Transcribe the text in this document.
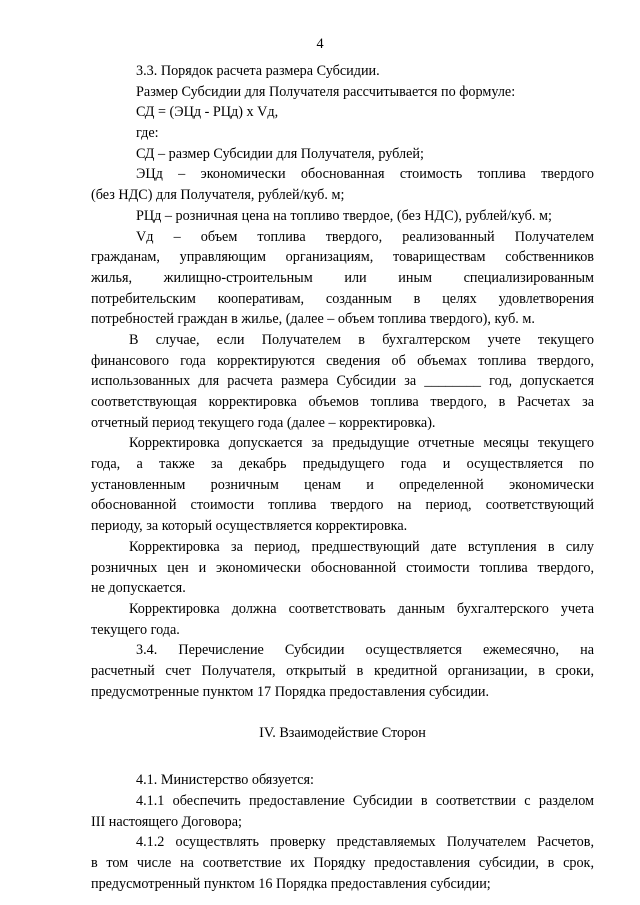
4
3.3. Порядок расчета размера Субсидии.
Размер Субсидии для Получателя рассчитывается по формуле:
СД = (ЭЦд - РЦд) х Vд,
где:
СД – размер Субсидии для Получателя, рублей;
ЭЦд – экономически обоснованная стоимость топлива твердого
(без НДС) для Получателя, рублей/куб. м;
РЦд – розничная цена на топливо твердое, (без НДС), рублей/куб. м;
Vд – объем топлива твердого, реализованный Получателем
гражданам, управляющим организациям, товариществам собственников
жилья, жилищно-строительным или иным специализированным
потребительским кооперативам, созданным в целях удовлетворения
потребностей граждан в жилье, (далее – объем топлива твердого), куб. м.
В случае, если Получателем в бухгалтерском учете текущего
финансового года корректируются сведения об объемах топлива твердого,
использованных для расчета размера Субсидии за ________ год, допускается
соответствующая корректировка объемов топлива твердого, в Расчетах за
отчетный период текущего года (далее – корректировка).
Корректировка допускается за предыдущие отчетные месяцы текущего
года, а также за декабрь предыдущего года и осуществляется по
установленным розничным ценам и определенной экономически
обоснованной стоимости топлива твердого на период, соответствующий
периоду, за который осуществляется корректировка.
Корректировка за период, предшествующий дате вступления в силу
розничных цен и экономически обоснованной стоимости топлива твердого,
не допускается.
Корректировка должна соответствовать данным бухгалтерского учета
текущего года.
3.4. Перечисление Субсидии осуществляется ежемесячно, на
расчетный счет Получателя, открытый в кредитной организации, в сроки,
предусмотренные пунктом 17 Порядка предоставления субсидии.
IV. Взаимодействие Сторон
4.1. Министерство обязуется:
4.1.1 обеспечить предоставление Субсидии в соответствии с разделом
III настоящего Договора;
4.1.2 осуществлять проверку представляемых Получателем Расчетов,
в том числе на соответствие их Порядку предоставления субсидии, в срок,
предусмотренный пунктом 16 Порядка предоставления субсидии;
